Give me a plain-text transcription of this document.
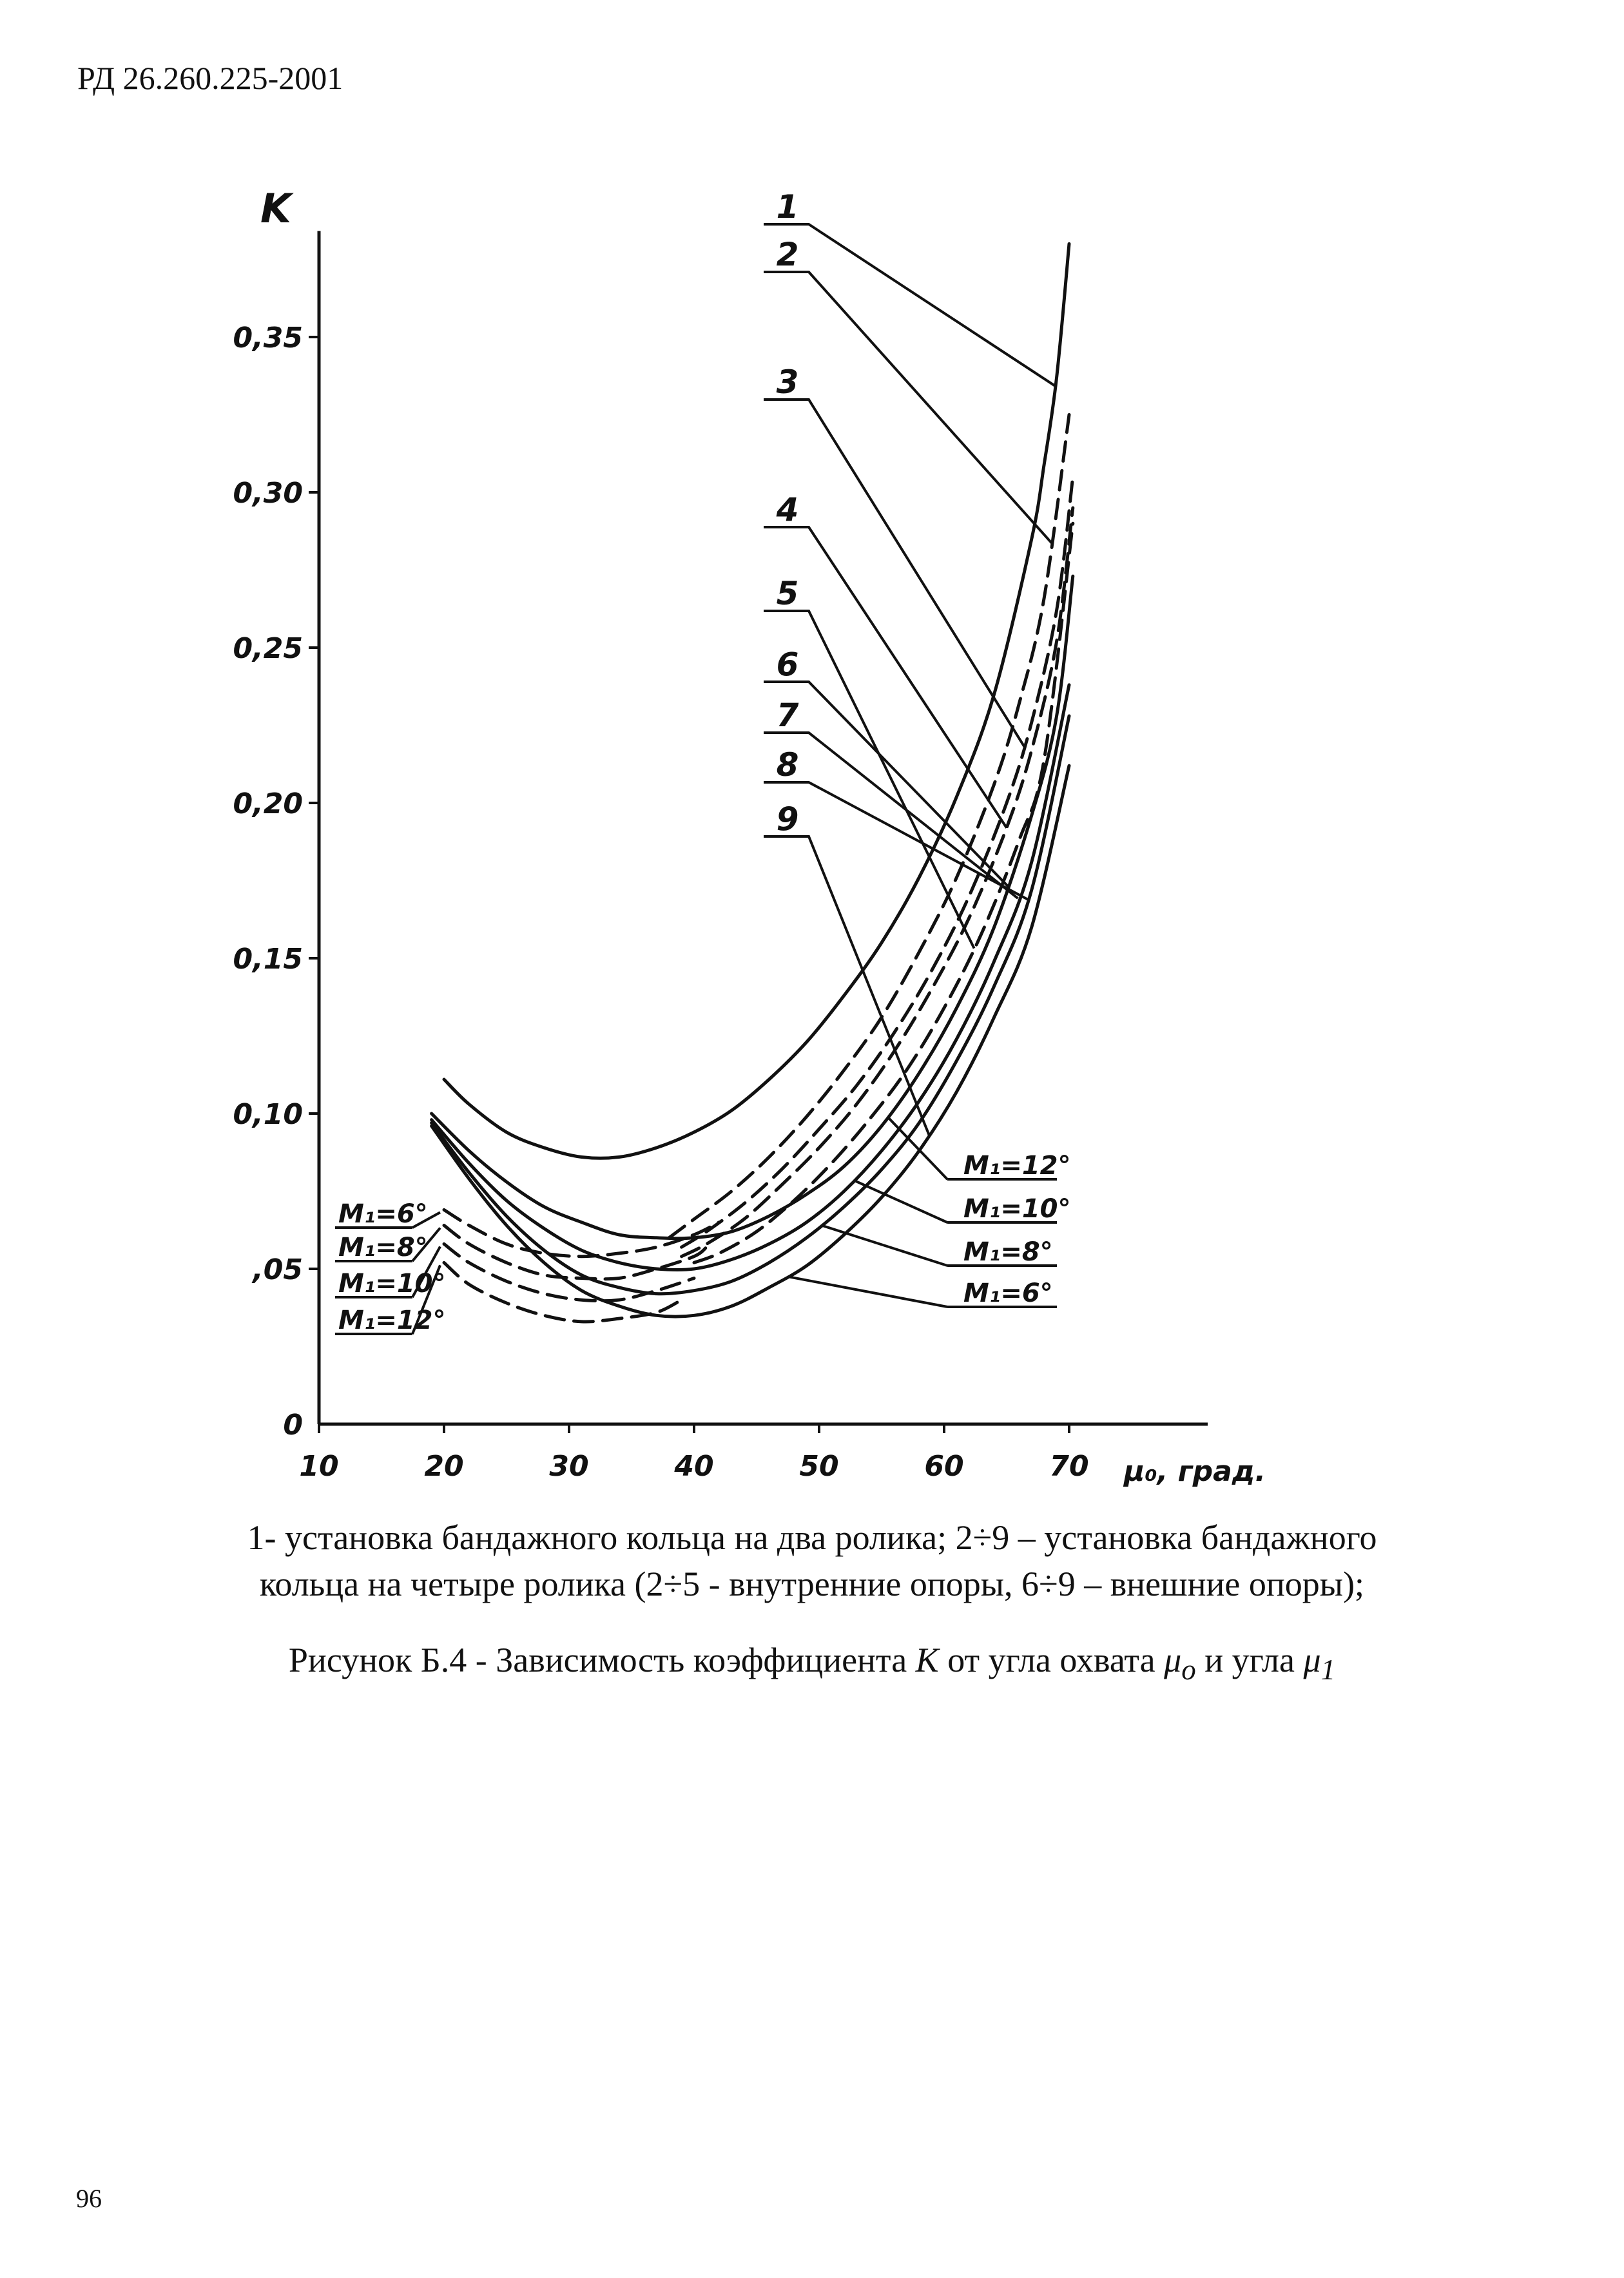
РД 26.260.225-2001
10	20	30	40	50	60	70 μ₀, град.
0
,05
0,10
0,15
0,20
0,25
0,30
0,35
K	1
2
3
4
5
6
7
8
9
M₁=6°
M₁=8°
M₁=10°
M₁=12°
M₁=12°
M₁=10°
M₁=8°
M₁=6°
1- установка бандажного кольца на два ролика; 2÷9 – установка бандажного
кольца на четыре ролика (2÷5 - внутренние опоры, 6÷9 – внешние опоры);
Рисунок Б.4 - Зависимость коэффициента K от угла охвата $\mu_o$ и угла $\mu_1$
96
